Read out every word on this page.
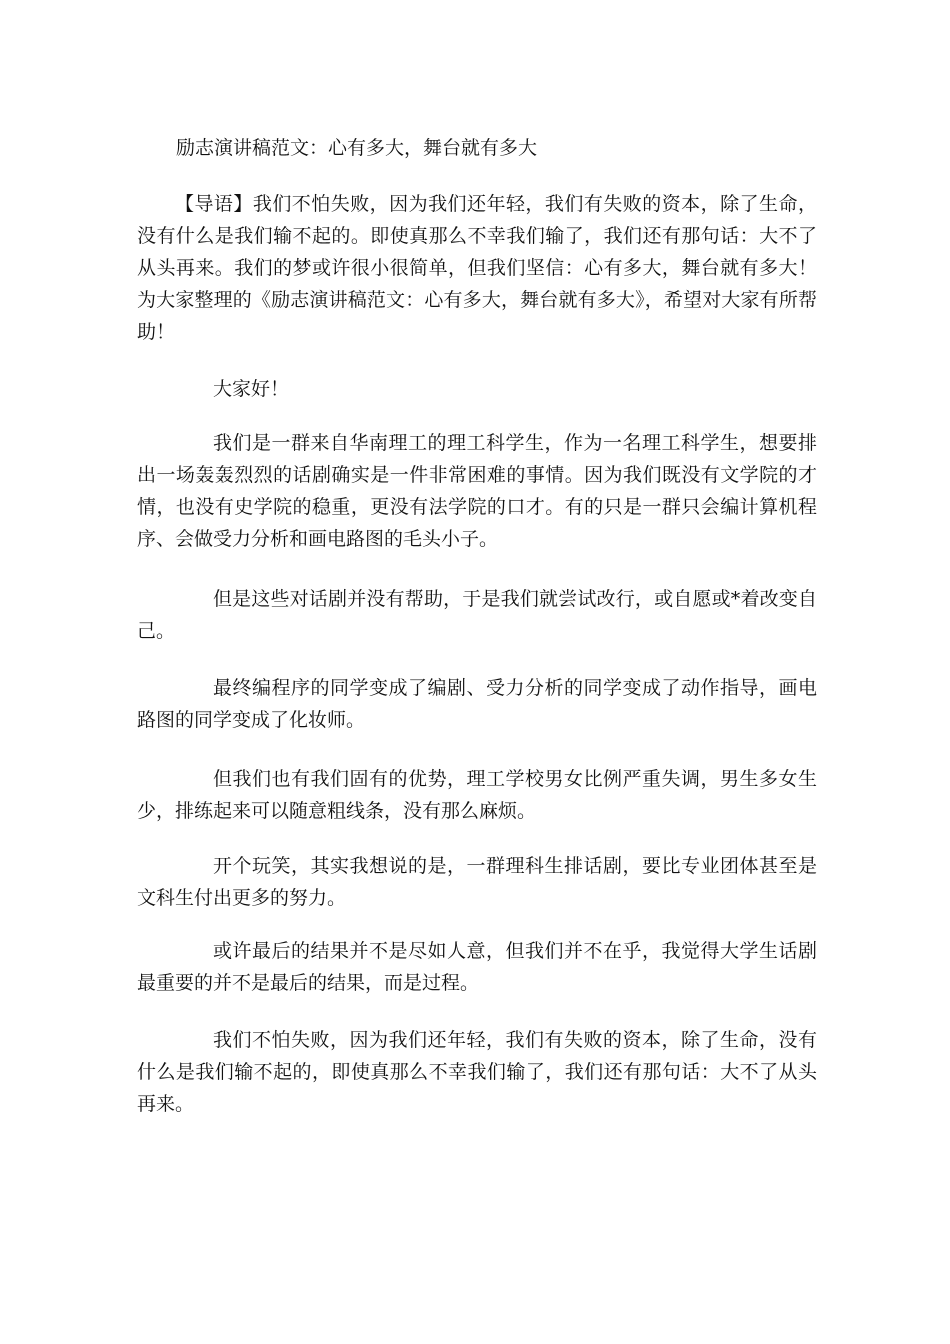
励志演讲稿范文：心有多大，舞台就有多大

【导语】我们不怕失败，因为我们还年轻，我们有失败的资本，除了生命，没有什么是我们输不起的。即使真那么不幸我们输了，我们还有那句话：大不了从头再来。我们的梦或许很小很简单，但我们坚信：心有多大，舞台就有多大！为大家整理的《励志演讲稿范文：心有多大，舞台就有多大》，希望对大家有所帮助！

大家好！

我们是一群来自华南理工的理工科学生，作为一名理工科学生，想要排出一场轰轰烈烈的话剧确实是一件非常困难的事情。因为我们既没有文学院的才情，也没有史学院的稳重，更没有法学院的口才。有的只是一群只会编计算机程序、会做受力分析和画电路图的毛头小子。

但是这些对话剧并没有帮助，于是我们就尝试改行，或自愿或*着改变自己。

最终编程序的同学变成了编剧、受力分析的同学变成了动作指导，画电路图的同学变成了化妆师。

但我们也有我们固有的优势，理工学校男女比例严重失调，男生多女生少，排练起来可以随意粗线条，没有那么麻烦。

开个玩笑，其实我想说的是，一群理科生排话剧，要比专业团体甚至是文科生付出更多的努力。

或许最后的结果并不是尽如人意，但我们并不在乎，我觉得大学生话剧最重要的并不是最后的结果，而是过程。

我们不怕失败，因为我们还年轻，我们有失败的资本，除了生命，没有什么是我们输不起的，即使真那么不幸我们输了，我们还有那句话：大不了从头再来。
